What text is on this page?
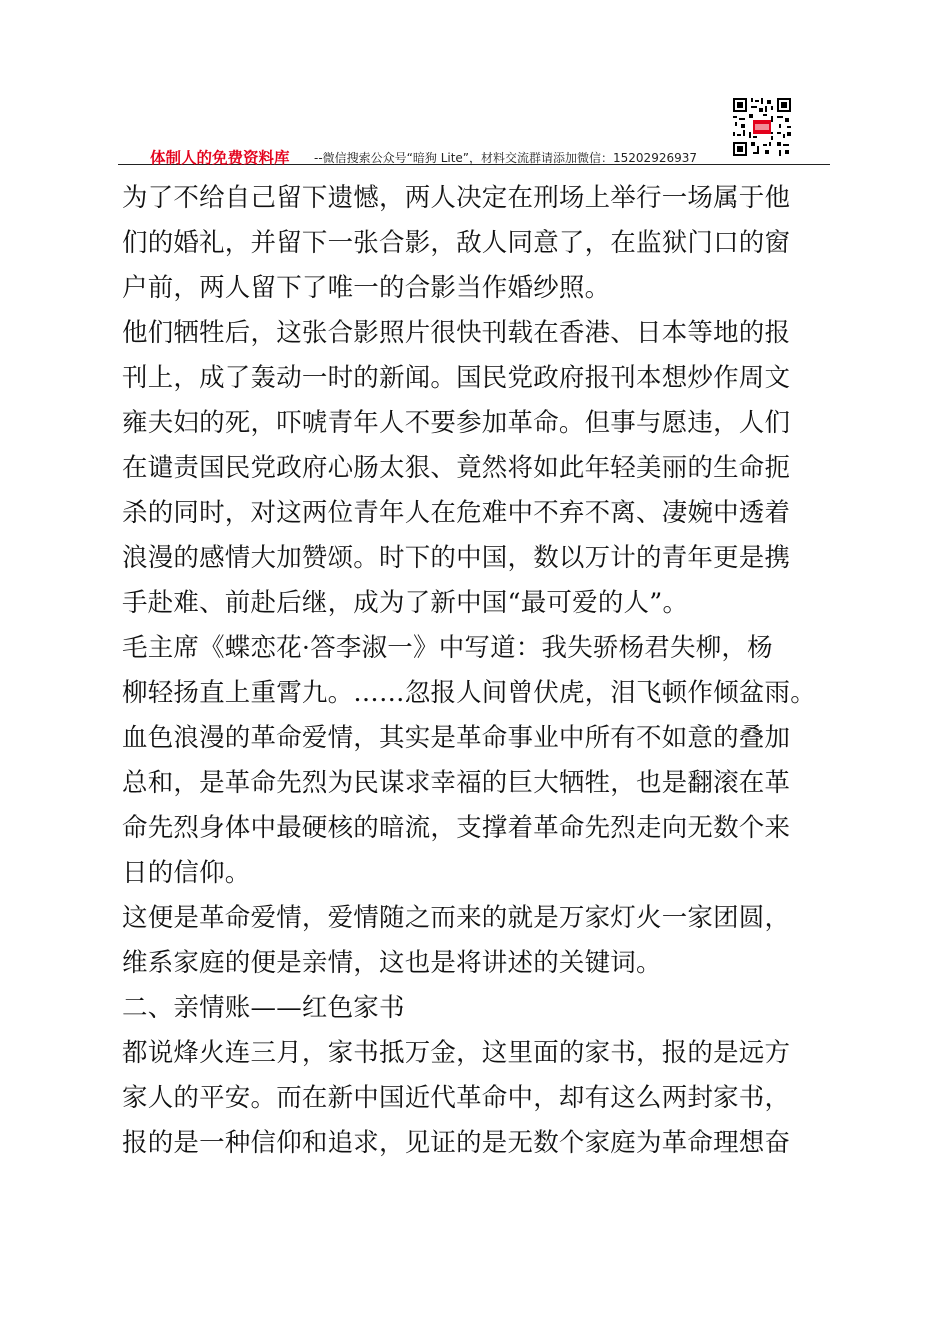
体制人的免费资料库 --微信搜索公众号“暗狗 Lite”，材料交流群请添加微信：15202926937

为了不给自己留下遗憾，两人决定在刑场上举行一场属于他

们的婚礼，并留下一张合影，敌人同意了，在监狱门口的窗

户前，两人留下了唯一的合影当作婚纱照。

他们牺牲后，这张合影照片很快刊载在香港、日本等地的报

刊上，成了轰动一时的新闻。国民党政府报刊本想炒作周文

雍夫妇的死，吓唬青年人不要参加革命。但事与愿违，人们

在谴责国民党政府心肠太狠、竟然将如此年轻美丽的生命扼

杀的同时，对这两位青年人在危难中不弃不离、凄婉中透着

浪漫的感情大加赞颂。时下的中国，数以万计的青年更是携

手赴难、前赴后继，成为了新中国“最可爱的人”。

毛主席《蝶恋花·答李淑一》中写道：我失骄杨君失柳，杨

柳轻扬直上重霄九。……忽报人间曾伏虎，泪飞顿作倾盆雨。

血色浪漫的革命爱情，其实是革命事业中所有不如意的叠加

总和，是革命先烈为民谋求幸福的巨大牺牲，也是翻滚在革

命先烈身体中最硬核的暗流，支撑着革命先烈走向无数个来

日的信仰。

这便是革命爱情，爱情随之而来的就是万家灯火一家团圆，

维系家庭的便是亲情，这也是将讲述的关键词。

二、亲情账——红色家书

都说烽火连三月，家书抵万金，这里面的家书，报的是远方

家人的平安。而在新中国近代革命中，却有这么两封家书，

报的是一种信仰和追求，见证的是无数个家庭为革命理想奋
